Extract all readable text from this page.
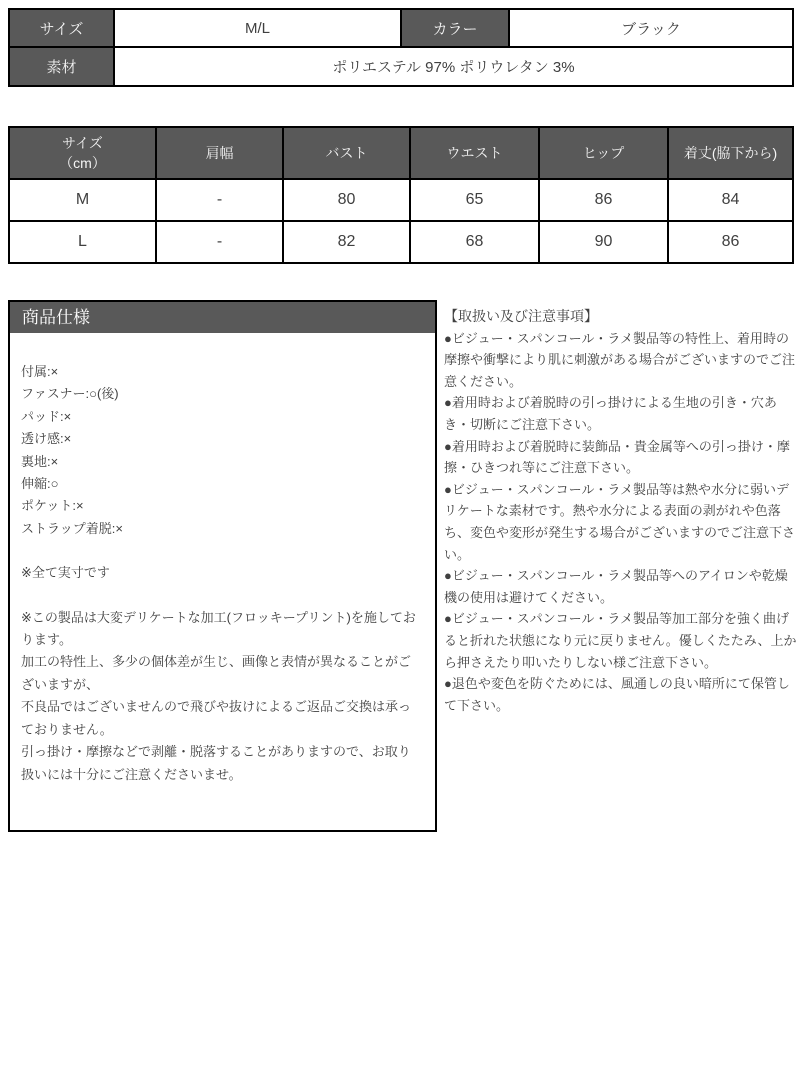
サイズ	M/L	カラー	ブラック
素材	ポリエステル 97% ポリウレタン 3%		
サイズ
（cm）	肩幅	バスト	ウエスト	ヒップ	着丈(脇下から)
M	-	80	65	86	84
L	-	82	68	90	86
商品仕様
付属:×
ファスナー:○(後)
パッド:×
透け感:×
裏地:×
伸縮:○
ポケット:×
ストラップ着脱:×
※全て実寸です
※この製品は大変デリケートな加工(フロッキープリント)を施しております。
加工の特性上、多少の個体差が生じ、画像と表情が異なることがございますが、
不良品ではございませんので飛びや抜けによるご返品ご交換は承っておりません。
引っ掛け・摩擦などで剥離・脱落することがありますので、お取り扱いには十分にご注意くださいませ。
【取扱い及び注意事項】
●ビジュー・スパンコール・ラメ製品等の特性上、着用時の摩擦や衝撃により肌に刺激がある場合がございますのでご注意ください。
●着用時および着脱時の引っ掛けによる生地の引き・穴あき・切断にご注意下さい。
●着用時および着脱時に装飾品・貴金属等への引っ掛け・摩擦・ひきつれ等にご注意下さい。
●ビジュー・スパンコール・ラメ製品等は熱や水分に弱いデリケートな素材です。熱や水分による表面の剥がれや色落ち、変色や変形が発生する場合がございますのでご注意下さい。
●ビジュー・スパンコール・ラメ製品等へのアイロンや乾燥機の使用は避けてください。
●ビジュー・スパンコール・ラメ製品等加工部分を強く曲げると折れた状態になり元に戻りません。優しくたたみ、上から押さえたり叩いたりしない様ご注意下さい。
●退色や変色を防ぐためには、風通しの良い暗所にて保管して下さい。
